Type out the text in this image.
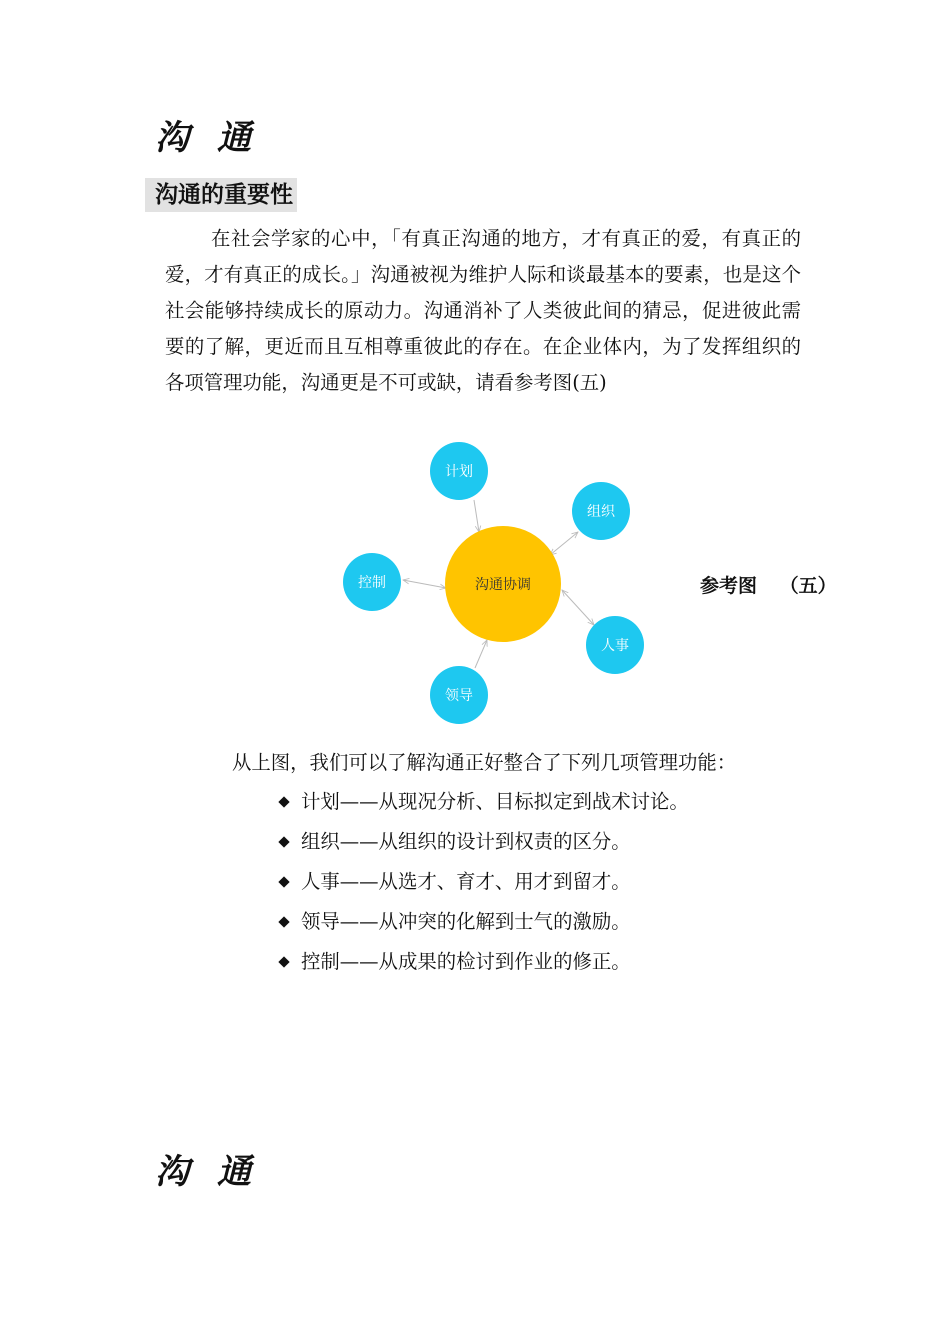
沟通
沟通的重要性

在社会学家的心中，「有真正沟通的地方，才有真正的爱，有真正的爱，才有真正的成长。」沟通被视为维护人际和谈最基本的要素，也是这个社会能够持续成长的原动力。沟通消补了人类彼此间的猜忌，促进彼此需要的了解，更近而且互相尊重彼此的存在。在企业体内，为了发挥组织的各项管理功能，沟通更是不可或缺，请看参考图(五)

沟通协调
计划
组织
人事
领导
控制	参考图 （五）

从上图，我们可以了解沟通正好整合了下列几项管理功能：

计划——从现况分析、目标拟定到战术讨论。
组织——从组织的设计到权责的区分。
人事——从选才、育才、用才到留才。
领导——从冲突的化解到士气的激励。
控制——从成果的检讨到作业的修正。
沟通
